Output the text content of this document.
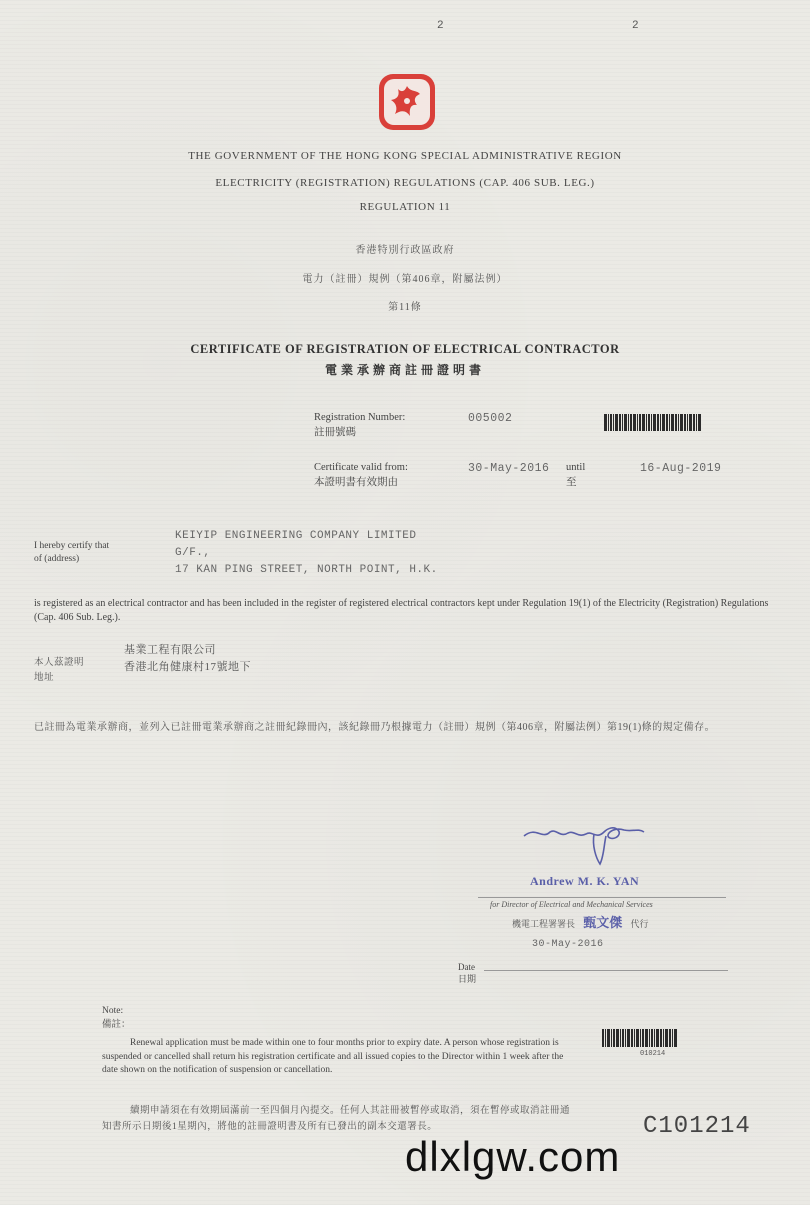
2	2
THE GOVERNMENT OF THE HONG KONG SPECIAL ADMINISTRATIVE REGION
ELECTRICITY (REGISTRATION) REGULATIONS (CAP. 406 SUB. LEG.)
REGULATION 11
香港特別行政區政府
電力（註冊）規例（第406章，附屬法例）
第11條
CERTIFICATE OF REGISTRATION OF ELECTRICAL CONTRACTOR
電業承辦商註冊證明書
Registration Number:
註冊號碼
005002
Certificate valid from:
本證明書有效期由
30-May-2016 until
至
16-Aug-2019
I hereby certify that
of (address)
KEIYIP ENGINEERING COMPANY LIMITED
G/F.,
17 KAN PING STREET, NORTH POINT, H.K.
is registered as an electrical contractor and has been included in the register of registered electrical contractors kept under Regulation 19(1) of the Electricity (Registration) Regulations (Cap. 406 Sub. Leg.).
本人茲證明
地址
基業工程有限公司
香港北角健康村17號地下
已註冊為電業承辦商，並列入已註冊電業承辦商之註冊紀錄冊內，該紀錄冊乃根據電力（註冊）規例（第406章，附屬法例）第19(1)條的規定備存。
Andrew M. K. YAN
for Director of Electrical and Mechanical Services
機電工程署署長 甄文傑 代行
30-May-2016
Date
日期
Note:
備註：
Renewal application must be made within one to four months prior to expiry date. A person whose registration is suspended or cancelled shall return his registration certificate and all issued copies to the Director within 1 week after the date shown on the notification of suspension or cancellation.
續期申請須在有效期屆滿前一至四個月內提交。任何人其註冊被暫停或取消，須在暫停或取消註冊通知書所示日期後1星期內，將他的註冊證明書及所有已發出的副本交還署長。
010214
C101214
dlxlgw.com
